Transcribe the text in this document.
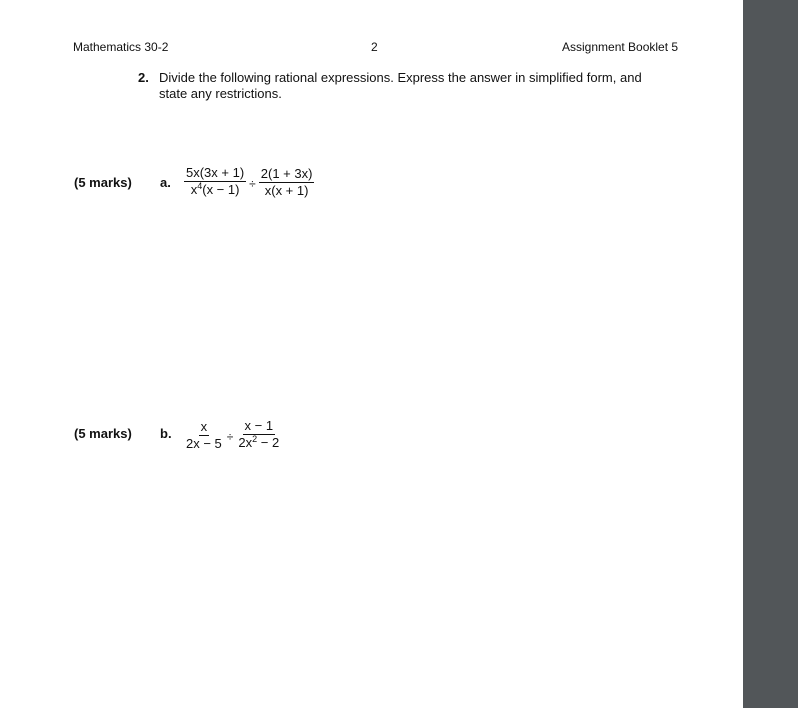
Mathematics 30-2	2	Assignment Booklet 5
2. Divide the following rational expressions. Express the answer in simplified form, and
state any restrictions.
(5 marks) a. $\frac{5x(3x + 1)}{x^4(x - 1)} \div \frac{2(1 + 3x)}{x(x + 1)}$
(5 marks) b. $\frac{x}{2x - 5} \div \frac{x - 1}{2x^2 - 2}$
